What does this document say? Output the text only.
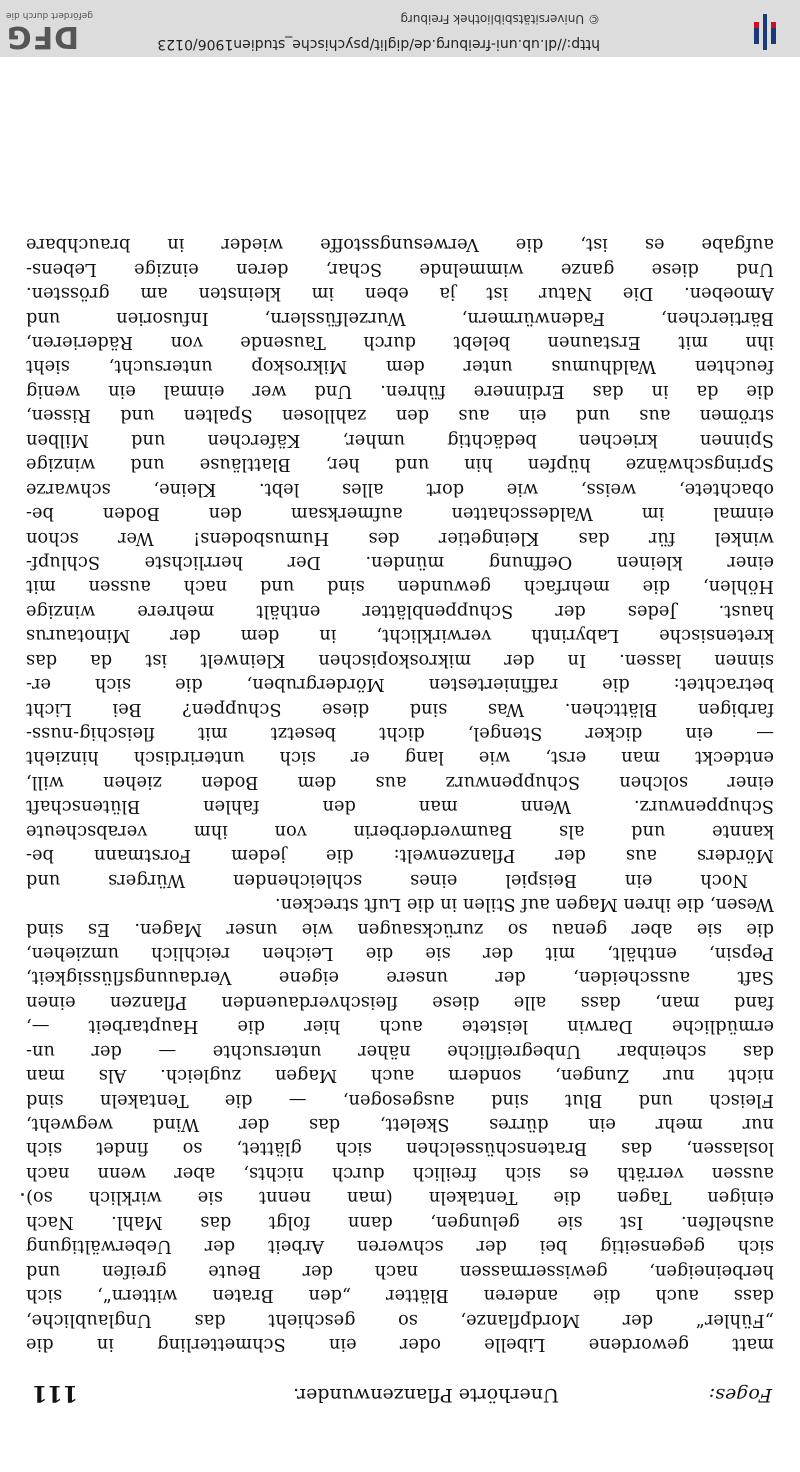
Foges:
Unerhörte Pflanzenwunder.
111
matt gewordene Libelle oder ein Schmetterling in die
„Fühler“ der Mordpflanze, so geschieht das Unglaubliche,
dass auch die anderen Blätter „den Braten wittern“, sich
herbeineigen, gewissermassen nach der Beute greifen und
sich gegenseitig bei der schweren Arbeit der Ueberwältigung
aushelfen. Ist sie gelungen, dann folgt das Mahl. Nach
einigen Tagen die Tentakeln (man nennt sie wirklich so)
aussen verräth es sich freilich durch nichts, aber wenn nach
loslassen, das Bratenschüsselchen sich glättet, so findet sich
nur mehr ein dürres Skelett, das der Wind wegweht,
Fleisch und Blut sind ausgesogen, — die Tentakeln sind
nicht nur Zungen, sondern auch Magen zugleich. Als man
das scheinbar Unbegreifliche näher untersuchte — der un-
ermüdliche Darwin leistete auch hier die Hauptarbeit —,
fand man, dass alle diese fleischverdauenden Pflanzen einen
Saft ausscheiden, der unsere eigene Verdauungsflüssigkeit,
Pepsin, enthält, mit der sie die Leichen reichlich umziehen,
die sie aber genau so zurücksaugen wie unser Magen. Es sind
Wesen, die ihren Magen auf Stilen in die Luft strecken.
Noch ein Beispiel eines schleichenden Würgers und
Mörders aus der Pflanzenwelt: die jedem Forstmann be-
kannte und als Baumverderberin von ihm verabscheute
Schuppenwurz. Wenn man den fahlen Blütenschaft
einer solchen Schuppenwurz aus dem Boden ziehen will,
entdeckt man erst, wie lang er sich unterirdisch hinzieht
— ein dicker Stengel, dicht besetzt mit fleischig-nuss-
farbigen Blättchen. Was sind diese Schuppen? Bei Licht
betrachtet: die raffiniertesten Mördergruben, die sich er-
sinnen lassen. In der mikroskopischen Kleinwelt ist da das
kretensische Labyrinth verwirklicht, in dem der Minotaurus
haust. Jedes der Schuppenblätter enthält mehrere winzige
Höhlen, die mehrfach gewunden sind und nach aussen mit
einer kleinen Oeffnung münden. Der herrlichste Schlupf-
winkel für das Kleingetier des Humusbodens! Wer schon
einmal im Waldesschatten aufmerksam den Boden be-
obachtete, weiss, wie dort alles lebt. Kleine, schwarze
Springschwänze hüpfen hin und her, Blattläuse und winzige
Spinnen kriechen bedächtig umher, Käferchen und Milben
strömen aus und ein aus den zahllosen Spalten und Rissen,
die da in das Erdinnere führen. Und wer einmal ein wenig
feuchten Waldhumus unter dem Mikroskop untersucht, sieht
ihn mit Erstaunen belebt durch Tausende von Räderieren,
Bärtierchen, Fadenwürmern, Wurzelfüsslern, Infusorien und
Amoeben. Die Natur ist ja eben im kleinsten am grössten.
Und diese ganze wimmelnde Schar, deren einzige Lebens-
aufgabe es ist, die Verwesungsstoffe wieder in brauchbare
http://dl.ub.uni-freiburg.de/diglit/psychische_studien1906/0123
© Universitätsbibliothek Freiburg
DFG
gefördert durch die
